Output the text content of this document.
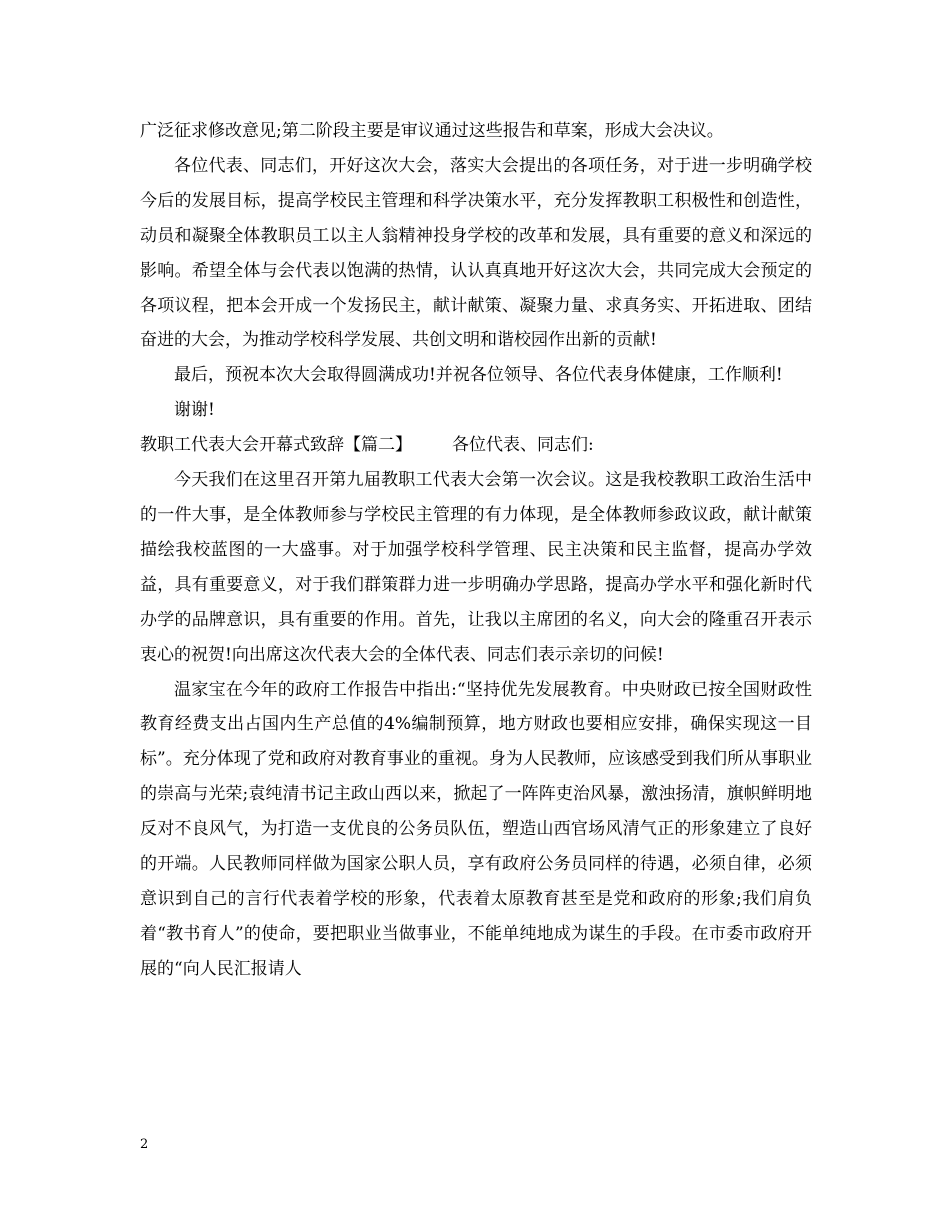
广泛征求修改意见;第二阶段主要是审议通过这些报告和草案，形成大会决议。

各位代表、同志们，开好这次大会，落实大会提出的各项任务，对于进一步明确学校今后的发展目标，提高学校民主管理和科学决策水平，充分发挥教职工积极性和创造性，动员和凝聚全体教职员工以主人翁精神投身学校的改革和发展，具有重要的意义和深远的影响。希望全体与会代表以饱满的热情，认认真真地开好这次大会，共同完成大会预定的各项议程，把本会开成一个发扬民主，献计献策、凝聚力量、求真务实、开拓进取、团结奋进的大会，为推动学校科学发展、共创文明和谐校园作出新的贡献!

最后，预祝本次大会取得圆满成功!并祝各位领导、各位代表身体健康，工作顺利!

谢谢!

教职工代表大会开幕式致辞【篇二】 各位代表、同志们:

今天我们在这里召开第九届教职工代表大会第一次会议。这是我校教职工政治生活中的一件大事，是全体教师参与学校民主管理的有力体现，是全体教师参政议政，献计献策描绘我校蓝图的一大盛事。对于加强学校科学管理、民主决策和民主监督，提高办学效益，具有重要意义，对于我们群策群力进一步明确办学思路，提高办学水平和强化新时代办学的品牌意识，具有重要的作用。首先，让我以主席团的名义，向大会的隆重召开表示衷心的祝贺!向出席这次代表大会的全体代表、同志们表示亲切的问候!

温家宝在今年的政府工作报告中指出:“坚持优先发展教育。中央财政已按全国财政性教育经费支出占国内生产总值的4%编制预算，地方财政也要相应安排，确保实现这一目标”。充分体现了党和政府对教育事业的重视。身为人民教师，应该感受到我们所从事职业的崇高与光荣;袁纯清书记主政山西以来，掀起了一阵阵吏治风暴，激浊扬清，旗帜鲜明地反对不良风气，为打造一支优良的公务员队伍，塑造山西官场风清气正的形象建立了良好的开端。人民教师同样做为国家公职人员，享有政府公务员同样的待遇，必须自律，必须意识到自己的言行代表着学校的形象，代表着太原教育甚至是党和政府的形象;我们肩负着“教书育人”的使命，要把职业当做事业，不能单纯地成为谋生的手段。在市委市政府开展的“向人民汇报请人

2
